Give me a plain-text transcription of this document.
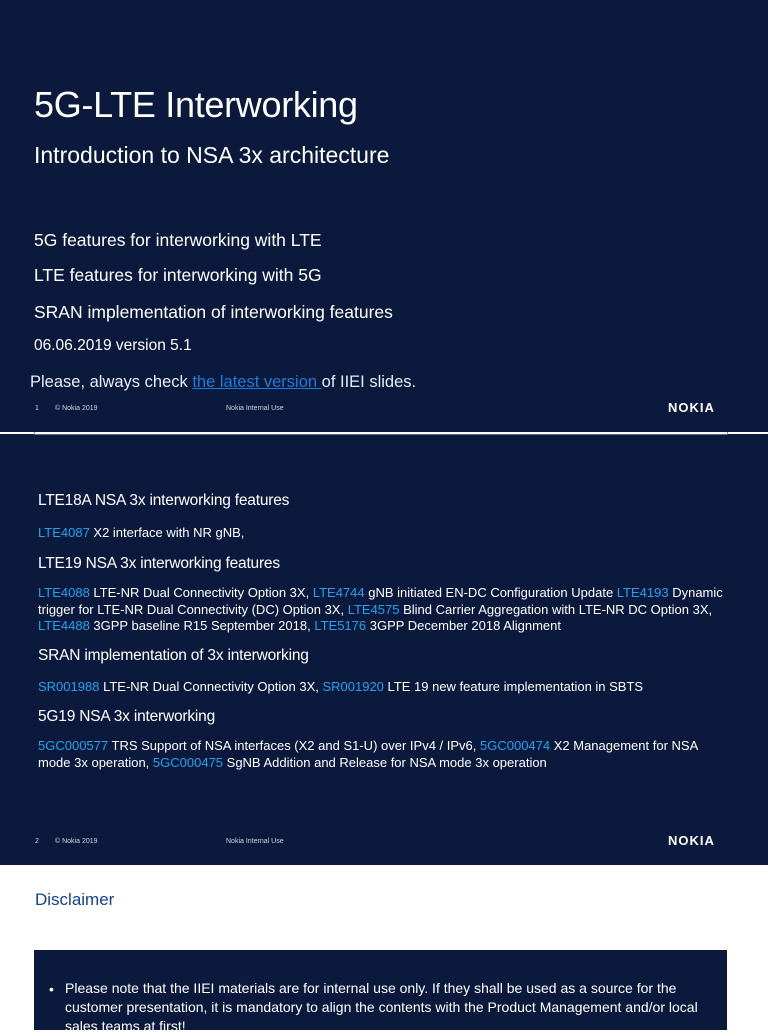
5G-LTE Interworking
Introduction to NSA 3x architecture
5G features for interworking with LTE
LTE features for interworking with 5G
SRAN implementation of interworking features
06.06.2019 version 5.1
Please, always check the latest version of IIEI slides.
1 © Nokia 2019	Nokia Internal Use	NOKIA
LTE18A NSA 3x interworking features

LTE4087 X2 interface with NR gNB,

LTE19 NSA 3x interworking features

LTE4088 LTE-NR Dual Connectivity Option 3X, LTE4744 gNB initiated EN-DC Configuration Update LTE4193 Dynamic trigger for LTE-NR Dual Connectivity (DC) Option 3X, LTE4575 Blind Carrier Aggregation with LTE-NR DC Option 3X, LTE4488 3GPP baseline R15 September 2018, LTE5176 3GPP December 2018 Alignment

SRAN implementation of 3x interworking

SR001988 LTE-NR Dual Connectivity Option 3X, SR001920 LTE 19 new feature implementation in SBTS

5G19 NSA 3x interworking

5GC000577 TRS Support of NSA interfaces (X2 and S1-U) over IPv4 / IPv6, 5GC000474 X2 Management for NSA mode 3x operation, 5GC000475 SgNB Addition and Release for NSA mode 3x operation

2 © Nokia 2019	Nokia Internal Use	NOKIA
Disclaimer
• Please note that the IIEI materials are for internal use only. If they shall be used as a source for the customer presentation, it is mandatory to align the contents with the Product Management and/or local sales teams at first!
